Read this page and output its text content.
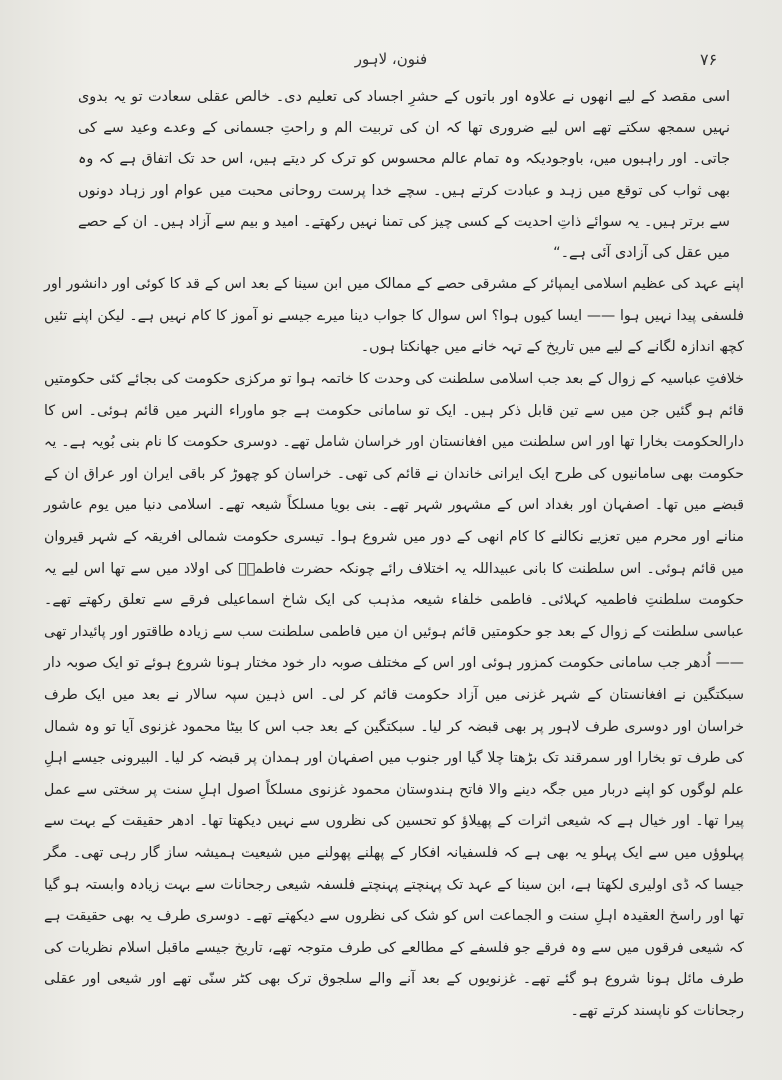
فنون، لاہور	۷۶

اسی مقصد کے لیے انھوں نے علاوہ اور باتوں کے حشرِ اجساد کی تعلیم دی۔ خالص عقلی سعادت تو یہ بدوی نہیں سمجھ سکتے تھے اس لیے ضروری تھا کہ ان کی تربیت الم و راحتِ جسمانی کے وعدے وعید سے کی جاتی۔ اور راہبوں میں، باوجودیکہ وہ تمام عالم محسوس کو ترک کر دیتے ہیں، اس حد تک اتفاق ہے کہ وہ بھی ثواب کی توقع میں زہد و عبادت کرتے ہیں۔ سچے خدا پرست روحانی محبت میں عوام اور زہاد دونوں سے برتر ہیں۔ یہ سوائے ذاتِ احدیت کے کسی چیز کی تمنا نہیں رکھتے۔ امید و بیم سے آزاد ہیں۔ ان کے حصے میں عقل کی آزادی آئی ہے۔“

اپنے عہد کی عظیم اسلامی ایمپائر کے مشرقی حصے کے ممالک میں ابن سینا کے بعد اس کے قد کا کوئی اور دانشور اور فلسفی پیدا نہیں ہوا —— ایسا کیوں ہوا؟ اس سوال کا جواب دینا میرے جیسے نو آموز کا کام نہیں ہے۔ لیکن اپنے تئیں کچھ اندازہ لگانے کے لیے میں تاریخ کے تہہ خانے میں جھانکتا ہوں۔

خلافتِ عباسیہ کے زوال کے بعد جب اسلامی سلطنت کی وحدت کا خاتمہ ہوا تو مرکزی حکومت کی بجائے کئی حکومتیں قائم ہو گئیں جن میں سے تین قابل ذکر ہیں۔ ایک تو سامانی حکومت ہے جو ماوراء النہر میں قائم ہوئی۔ اس کا دارالحکومت بخارا تھا اور اس سلطنت میں افغانستان اور خراسان شامل تھے۔ دوسری حکومت کا نام بنی بُویہ ہے۔ یہ حکومت بھی سامانیوں کی طرح ایک ایرانی خاندان نے قائم کی تھی۔ خراسان کو چھوڑ کر باقی ایران اور عراق ان کے قبضے میں تھا۔ اصفہان اور بغداد اس کے مشہور شہر تھے۔ بنی بویا مسلکاً شیعہ تھے۔ اسلامی دنیا میں یوم عاشور منانے اور محرم میں تعزیے نکالنے کا کام انھی کے دور میں شروع ہوا۔ تیسری حکومت شمالی افریقہ کے شہر قیروان میں قائم ہوئی۔ اس سلطنت کا بانی عبیداللہ یہ اختلاف رائے چونکہ حضرت فاطمہؓ کی اولاد میں سے تھا اس لیے یہ حکومت سلطنتِ فاطمیہ کہلائی۔ فاطمی خلفاء شیعہ مذہب کی ایک شاخ اسماعیلی فرقے سے تعلق رکھتے تھے۔ عباسی سلطنت کے زوال کے بعد جو حکومتیں قائم ہوئیں ان میں فاطمی سلطنت سب سے زیادہ طاقتور اور پائیدار تھی —— اُدھر جب سامانی حکومت کمزور ہوئی اور اس کے مختلف صوبہ دار خود مختار ہونا شروع ہوئے تو ایک صوبہ دار سبکتگین نے افغانستان کے شہر غزنی میں آزاد حکومت قائم کر لی۔ اس ذہین سپہ سالار نے بعد میں ایک طرف خراسان اور دوسری طرف لاہور پر بھی قبضہ کر لیا۔ سبکتگین کے بعد جب اس کا بیٹا محمود غزنوی آیا تو وہ شمال کی طرف تو بخارا اور سمرقند تک بڑھتا چلا گیا اور جنوب میں اصفہان اور ہمدان پر قبضہ کر لیا۔ البیرونی جیسے اہلِ علم لوگوں کو اپنے دربار میں جگہ دینے والا فاتح ہندوستان محمود غزنوی مسلکاً اصول اہلِ سنت پر سختی سے عمل پیرا تھا۔ اور خیال ہے کہ شیعی اثرات کے پھیلاؤ کو تحسین کی نظروں سے نہیں دیکھتا تھا۔ ادھر حقیقت کے بہت سے پہلوؤں میں سے ایک پہلو یہ بھی ہے کہ فلسفیانہ افکار کے پھلنے پھولنے میں شیعیت ہمیشہ ساز گار رہی تھی۔ مگر جیسا کہ ڈی اولیری لکھتا ہے، ابن سینا کے عہد تک پہنچتے پہنچتے فلسفہ شیعی رجحانات سے بہت زیادہ وابستہ ہو گیا تھا اور راسخ العقیدہ اہلِ سنت و الجماعت اس کو شک کی نظروں سے دیکھتے تھے۔ دوسری طرف یہ بھی حقیقت ہے کہ شیعی فرقوں میں سے وہ فرقے جو فلسفے کے مطالعے کی طرف متوجہ تھے، تاریخ جیسے ماقبل اسلام نظریات کی طرف مائل ہونا شروع ہو گئے تھے۔ غزنویوں کے بعد آنے والے سلجوق ترک بھی کٹر سنّی تھے اور شیعی اور عقلی رجحانات کو ناپسند کرتے تھے۔
